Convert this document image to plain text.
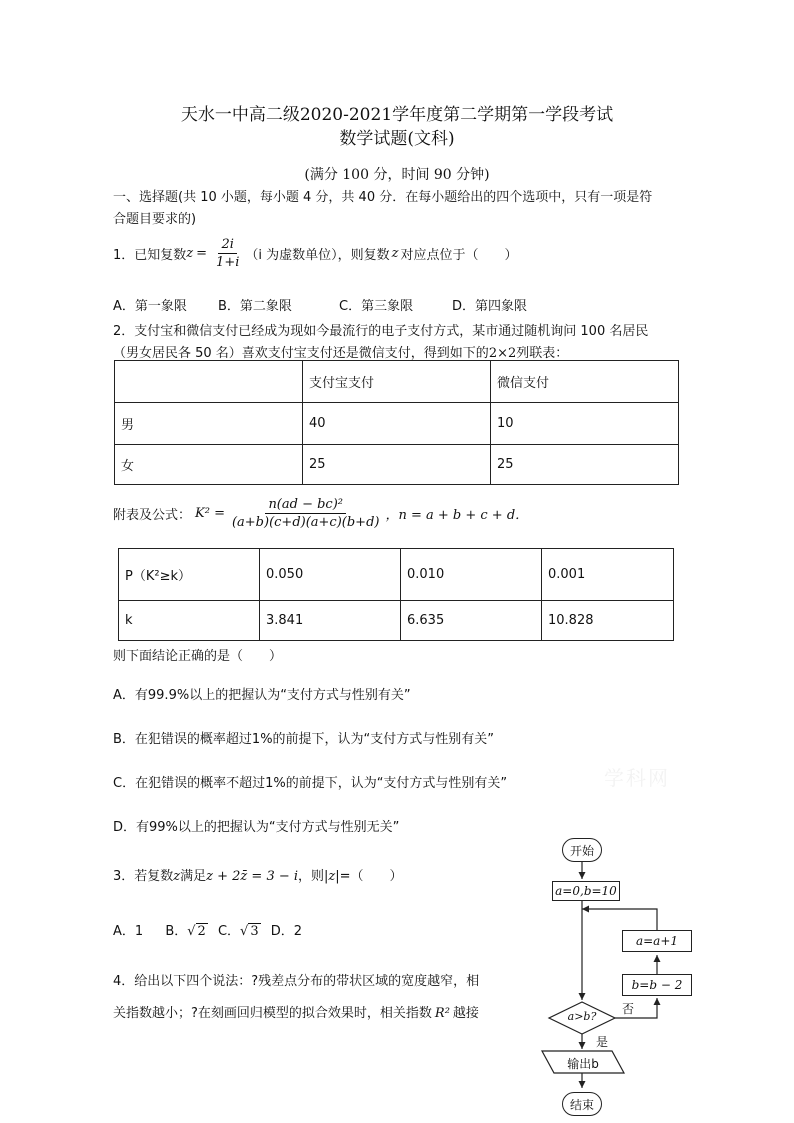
天水一中高二级2020-2021学年度第二学期第一学段考试
数学试题(文科)
(满分 100 分，时间 90 分钟)
一、选择题(共 10 小题，每小题 4 分，共 40 分．在每小题给出的四个选项中，只有一项是符
合题目要求的)
1．已知复数 $z = \frac{2i}{1+i} (i$ 为虚数单位），则复数 z 对应点位于（　　）
A．第一象限 B．第二象限	C．第三象限	D．第四象限
2．支付宝和微信支付已经成为现如今最流行的电子支付方式，某市通过随机询问 100 名居民
（男女居民各 50 名）喜欢支付宝支付还是微信支付，得到如下的2×2列联表：
	支付宝支付	微信支付
男	40	10
女	25	25
附表及公式： $K^2 = \frac{\text{n(ad − bc)²}}{(a+b)(c+d)(a+c)(b+d)}$ ，n = a + b + c + d．
P（K²≥k）	0.050	0.010	0.001
k	3.841	6.635	10.828
则下面结论正确的是（　　）
A．有99.9%以上的把握认为“支付方式与性别有关”
B．在犯错误的概率超过1%的前提下，认为“支付方式与性别有关”
C．在犯错误的概率不超过1%的前提下，认为“支付方式与性别有关”
D．有99%以上的把握认为“支付方式与性别无关”
学科网
3．若复数z满足z + 2z̄ = 3 − i，则|z|=（　　）
A．1 B．√ 2 C．√ 3 D．2
4．给出以下四个说法：?残差点分布的带状区域的宽度越窄，相
关指数越小；?在刻画回归模型的拟合效果时，相关指数 R² 越接
开始
a=0,b=10
a=a+1
b=b − 2
a>b?
否
是
输出b
结束
